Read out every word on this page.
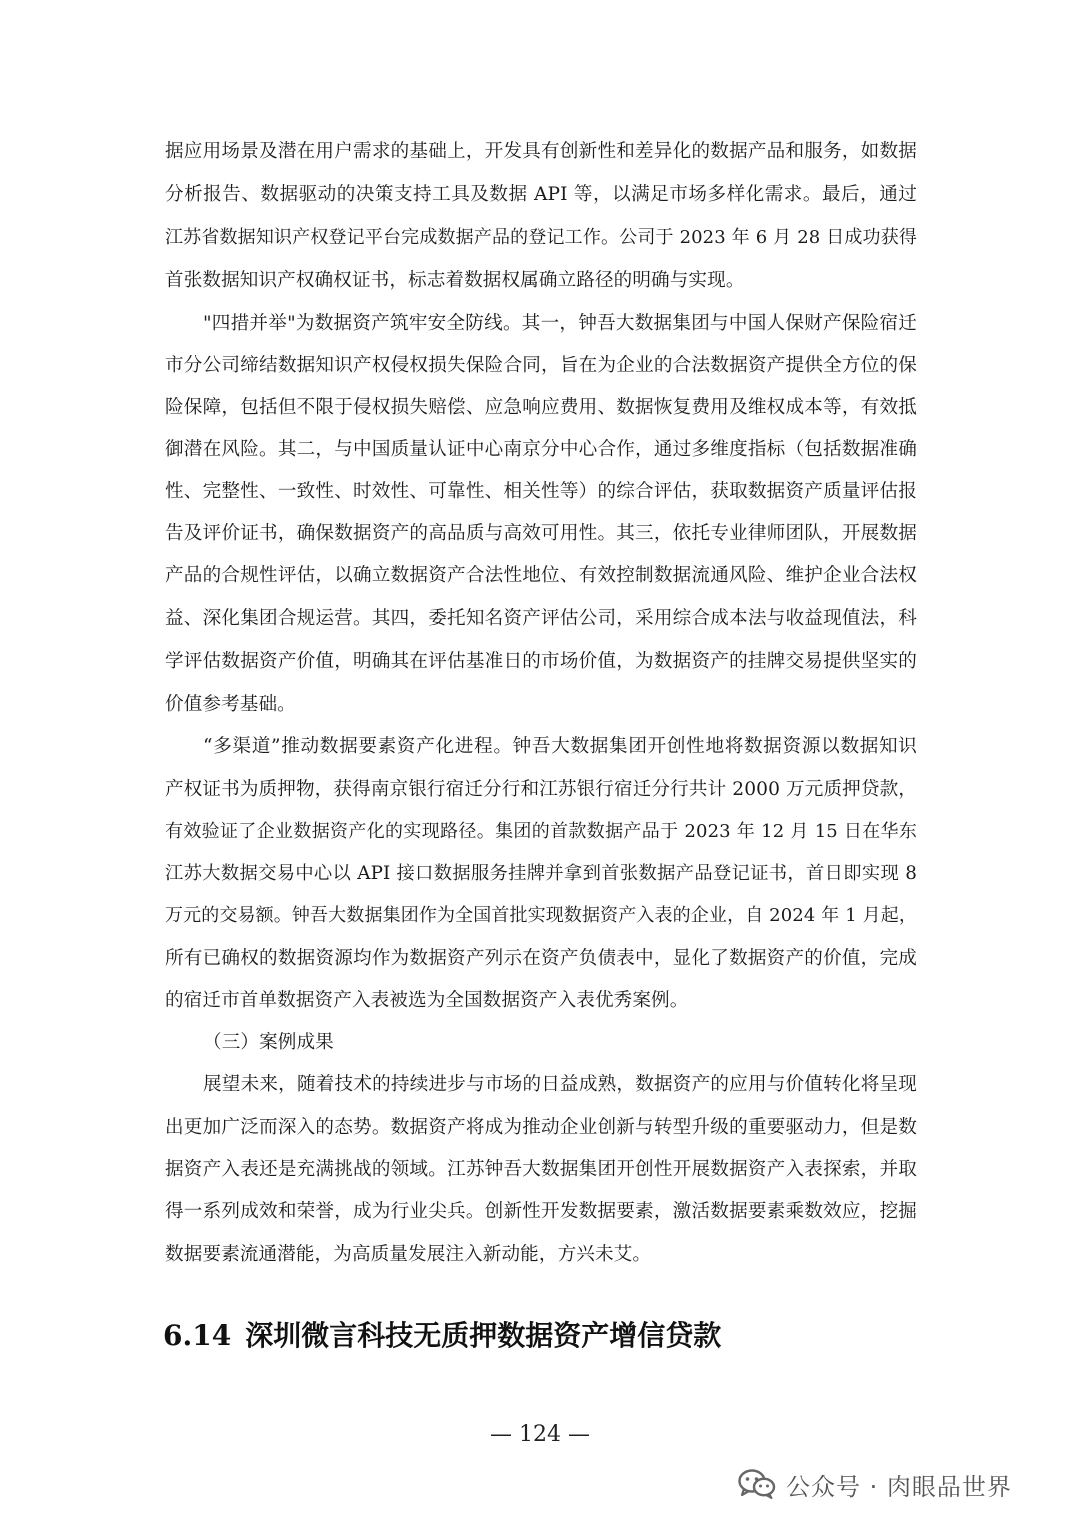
据应用场景及潜在用户需求的基础上，开发具有创新性和差异化的数据产品和服务，如数据
分析报告、数据驱动的决策支持工具及数据 API 等，以满足市场多样化需求。最后，通过
江苏省数据知识产权登记平台完成数据产品的登记工作。公司于 2023 年 6 月 28 日成功获得
首张数据知识产权确权证书，标志着数据权属确立路径的明确与实现。
"四措并举"为数据资产筑牢安全防线。其一，钟吾大数据集团与中国人保财产保险宿迁
市分公司缔结数据知识产权侵权损失保险合同，旨在为企业的合法数据资产提供全方位的保
险保障，包括但不限于侵权损失赔偿、应急响应费用、数据恢复费用及维权成本等，有效抵
御潜在风险。其二，与中国质量认证中心南京分中心合作，通过多维度指标（包括数据准确
性、完整性、一致性、时效性、可靠性、相关性等）的综合评估，获取数据资产质量评估报
告及评价证书，确保数据资产的高品质与高效可用性。其三，依托专业律师团队，开展数据
产品的合规性评估，以确立数据资产合法性地位、有效控制数据流通风险、维护企业合法权
益、深化集团合规运营。其四，委托知名资产评估公司，采用综合成本法与收益现值法，科
学评估数据资产价值，明确其在评估基准日的市场价值，为数据资产的挂牌交易提供坚实的
价值参考基础。
“多渠道”推动数据要素资产化进程。钟吾大数据集团开创性地将数据资源以数据知识
产权证书为质押物，获得南京银行宿迁分行和江苏银行宿迁分行共计 2000 万元质押贷款，
有效验证了企业数据资产化的实现路径。集团的首款数据产品于 2023 年 12 月 15 日在华东
江苏大数据交易中心以 API 接口数据服务挂牌并拿到首张数据产品登记证书，首日即实现 8
万元的交易额。钟吾大数据集团作为全国首批实现数据资产入表的企业，自 2024 年 1 月起，
所有已确权的数据资源均作为数据资产列示在资产负债表中，显化了数据资产的价值，完成
的宿迁市首单数据资产入表被选为全国数据资产入表优秀案例。
（三）案例成果
展望未来，随着技术的持续进步与市场的日益成熟，数据资产的应用与价值转化将呈现
出更加广泛而深入的态势。数据资产将成为推动企业创新与转型升级的重要驱动力，但是数
据资产入表还是充满挑战的领域。江苏钟吾大数据集团开创性开展数据资产入表探索，并取
得一系列成效和荣誉，成为行业尖兵。创新性开发数据要素，激活数据要素乘数效应，挖掘
数据要素流通潜能，为高质量发展注入新动能，方兴未艾。
6.14 深圳微言科技无质押数据资产增信贷款
— 124 —
公众号 · 肉眼品世界
